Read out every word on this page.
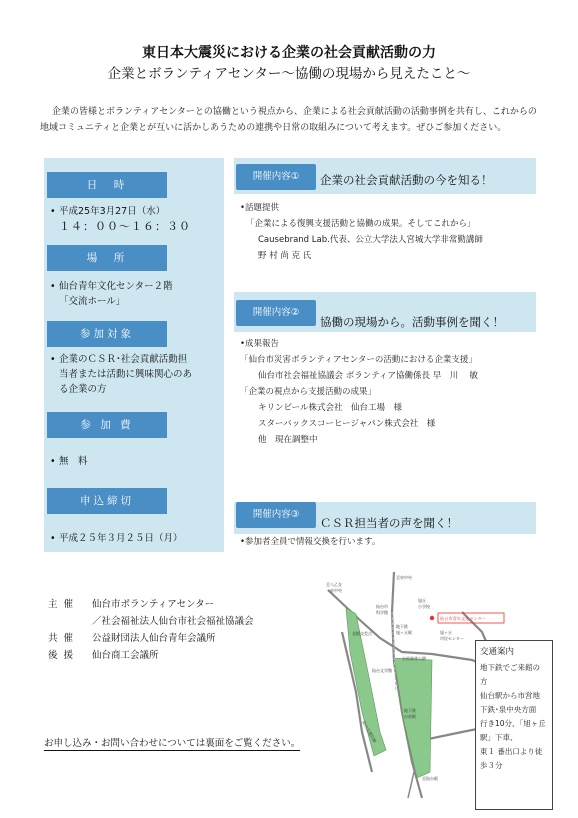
東日本大震災における企業の社会貢献活動の力
企業とボランティアセンター〜協働の現場から見えたこと〜
企業の皆様とボランティアセンターとの協働という視点から、企業による社会貢献活動の活動事例を共有し、これからの
地域コミュニティと企業とが互いに活かしあうための連携や日常の取組みについて考えます。ぜひご参加ください。
日　時
• 平成25年3月27日（水）
１４：００〜１６：３０
場　所
• 仙台青年文化センター２階
「交流ホール」
参加対象
• 企業のＣＳＲ･社会貢献活動担
当者または活動に興味関心のあ
る企業の方
参 加 費
• 無　料
申込締切
• 平成２５年３月２５日（月）
開催内容①	企業の社会貢献活動の今を知る！
•話題提供
「企業による復興支援活動と協働の成果。そしてこれから」
Causebrand Lab.代表、公立大学法人宮城大学非常勤講師
野 村 尚 克 氏
開催内容②
協働の現場から。活動事例を聞く！
•成果報告
「仙台市災害ボランティアセンターの活動における企業支援」
仙台市社会福祉協議会 ボランティア協働係長 早　川　 敏
「企業の視点から支援活動の成果」
キリンビール株式会社　仙台工場　様
スターバックスコーヒージャパン株式会社　様
他　現在調整中
開催内容③
ＣＳＲ担当者の声を聞く！
•参加者全員で情報交換を行います。
主催 仙台市ボランティアセンター
／社会福祉法人仙台市社会福祉協議会
共催 公益財団法人仙台青年会議所
後援 仙台商工会議所
お申し込み・お問い合わせについては裏面をご覧ください。
至泉中央
至八乙女
・泉中央
仙台市
科学館
旭丘
小学校
仙台市青年文化センター
地下鉄
旭ヶ丘駅	旭ヶ丘
市民センター
北根交差点
台原森林公園
仙台文学館
地下鉄
台原駅
仙台北環状線
至仙台駅
交通案内
地下鉄でご来館の
方
仙台駅から市営地
下鉄･泉中央方面
行き10分、「旭ヶ丘
駅」下車、
東１ 番出口より徒
歩３分
